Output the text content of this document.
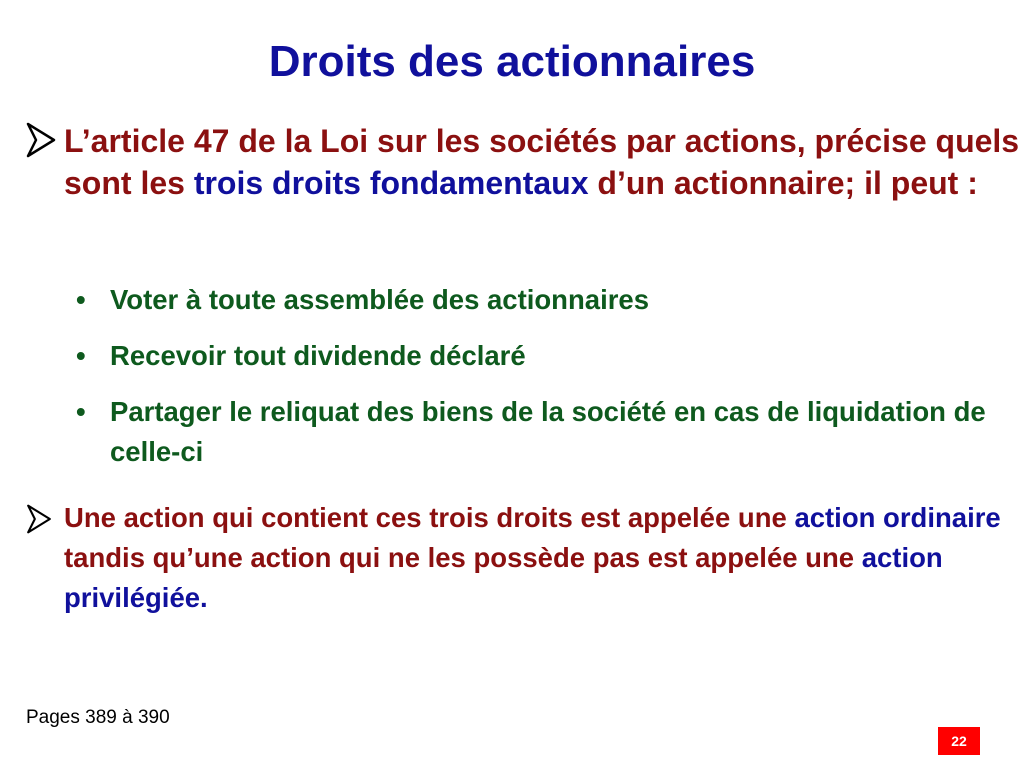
Droits des actionnaires
L’article 47 de la Loi sur les sociétés par actions, précise quels sont les trois droits fondamentaux d’un actionnaire; il peut :
• Voter à toute assemblée des actionnaires
• Recevoir tout dividende déclaré
• Partager le reliquat des biens de la société en cas de liquidation de celle-ci
Une action qui contient ces trois droits est appelée une action ordinaire tandis qu’une action qui ne les possède pas est appelée une action privilégiée.
Pages 389 à 390
22
